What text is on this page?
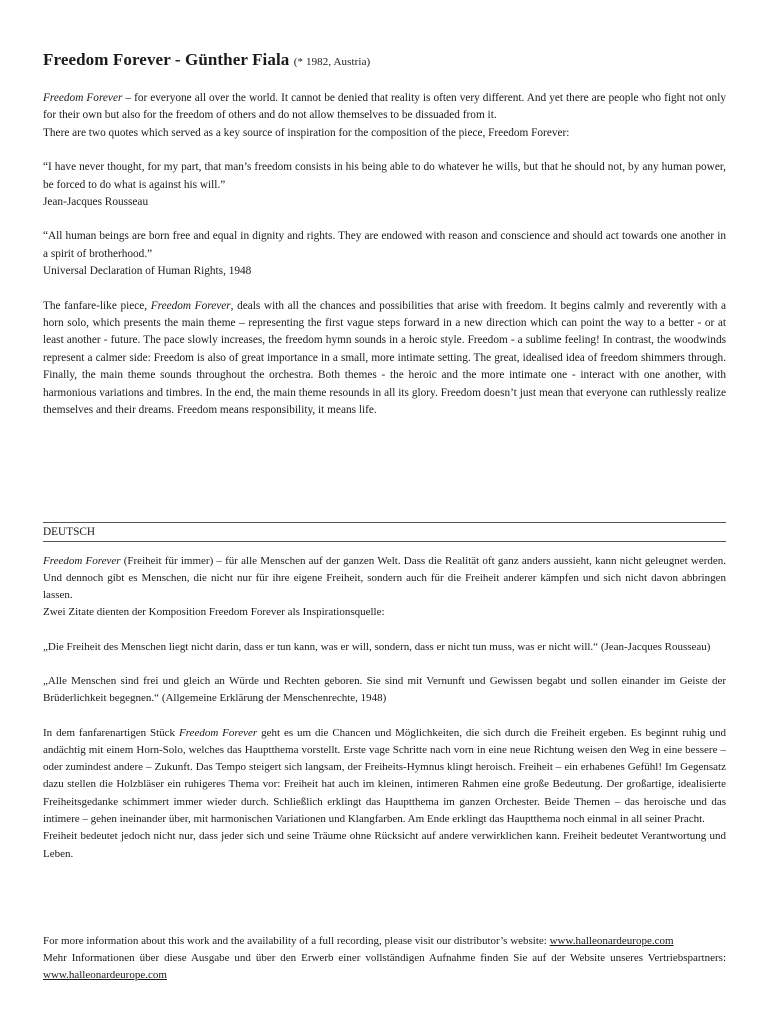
Freedom Forever - Günther Fiala (* 1982, Austria)

Freedom Forever – for everyone all over the world. It cannot be denied that reality is often very different. And yet there are people who fight not only for their own but also for the freedom of others and do not allow themselves to be dissuaded from it.

There are two quotes which served as a key source of inspiration for the composition of the piece, Freedom Forever:

“I have never thought, for my part, that man’s freedom consists in his being able to do whatever he wills, but that he should not, by any human power, be forced to do what is against his will.”

Jean-Jacques Rousseau

“All human beings are born free and equal in dignity and rights. They are endowed with reason and conscience and should act towards one another in a spirit of brotherhood.”

Universal Declaration of Human Rights, 1948

The fanfare-like piece, Freedom Forever, deals with all the chances and possibilities that arise with freedom. It begins calmly and reverently with a horn solo, which presents the main theme – representing the first vague steps forward in a new direction which can point the way to a better - or at least another - future. The pace slowly increases, the freedom hymn sounds in a heroic style. Freedom - a sublime feeling! In contrast, the woodwinds represent a calmer side: Freedom is also of great importance in a small, more intimate setting. The great, idealised idea of freedom shimmers through. Finally, the main theme sounds throughout the orchestra. Both themes - the heroic and the more intimate one - interact with one another, with harmonious variations and timbres. In the end, the main theme resounds in all its glory. Freedom doesn’t just mean that everyone can ruthlessly realize themselves and their dreams. Freedom means responsibility, it means life.

DEUTSCH

Freedom Forever (Freiheit für immer) – für alle Menschen auf der ganzen Welt. Dass die Realität oft ganz anders aussieht, kann nicht geleugnet werden. Und dennoch gibt es Menschen, die nicht nur für ihre eigene Freiheit, sondern auch für die Freiheit anderer kämpfen und sich nicht davon abbringen lassen.

Zwei Zitate dienten der Komposition Freedom Forever als Inspirationsquelle:

„Die Freiheit des Menschen liegt nicht darin, dass er tun kann, was er will, sondern, dass er nicht tun muss, was er nicht will.“ (Jean-Jacques Rousseau)

„Alle Menschen sind frei und gleich an Würde und Rechten geboren. Sie sind mit Vernunft und Gewissen begabt und sollen einander im Geiste der Brüderlichkeit begegnen.“ (Allgemeine Erklärung der Menschenrechte, 1948)

In dem fanfarenartigen Stück Freedom Forever geht es um die Chancen und Möglichkeiten, die sich durch die Freiheit ergeben. Es beginnt ruhig und andächtig mit einem Horn-Solo, welches das Hauptthema vorstellt. Erste vage Schritte nach vorn in eine neue Richtung weisen den Weg in eine bessere – oder zumindest andere – Zukunft. Das Tempo steigert sich langsam, der Freiheits-Hymnus klingt heroisch. Freiheit – ein erhabenes Gefühl! Im Gegensatz dazu stellen die Holzbläser ein ruhigeres Thema vor: Freiheit hat auch im kleinen, intimeren Rahmen eine große Bedeutung. Der großartige, idealisierte Freiheitsgedanke schimmert immer wieder durch. Schließlich erklingt das Hauptthema im ganzen Orchester. Beide Themen – das heroische und das intimere – gehen ineinander über, mit harmonischen Variationen und Klangfarben. Am Ende erklingt das Hauptthema noch einmal in all seiner Pracht.

Freiheit bedeutet jedoch nicht nur, dass jeder sich und seine Träume ohne Rücksicht auf andere verwirklichen kann. Freiheit bedeutet Verantwortung und Leben.

For more information about this work and the availability of a full recording, please visit our distributor’s website: www.halleonardeurope.com

Mehr Informationen über diese Ausgabe und über den Erwerb einer vollständigen Aufnahme finden Sie auf der Website unseres Vertriebspartners: www.halleonardeurope.com
